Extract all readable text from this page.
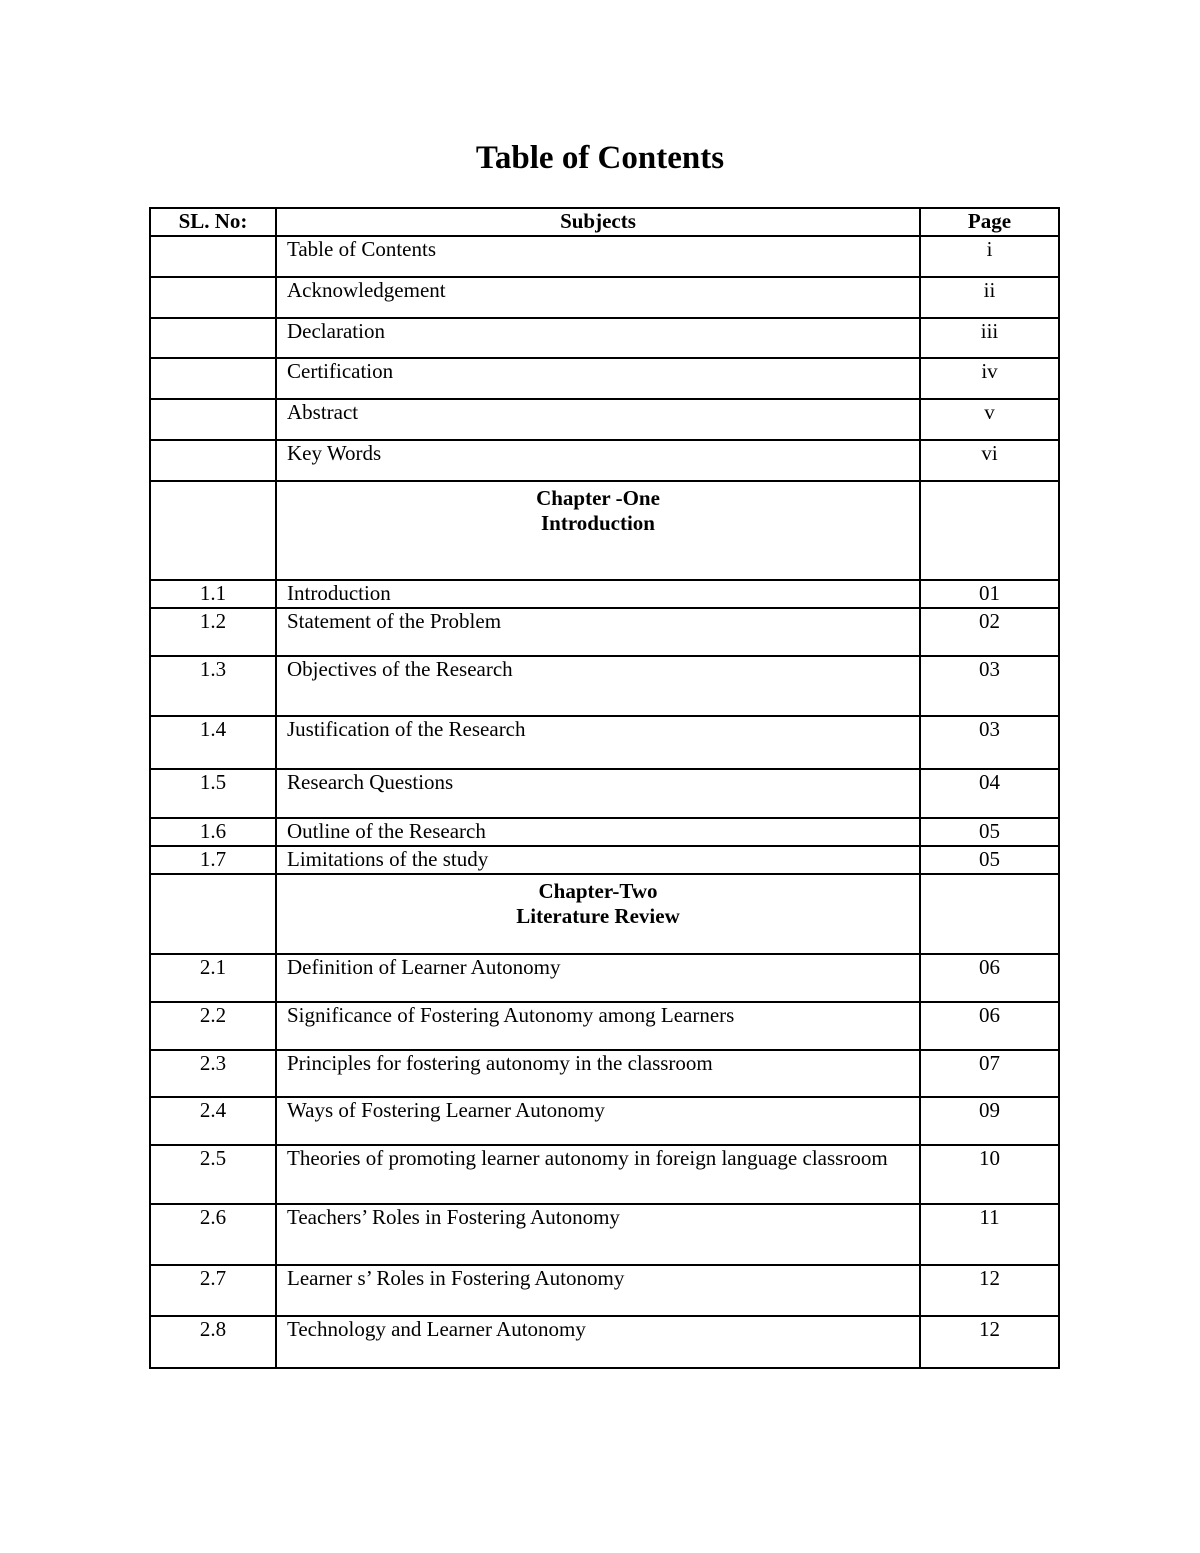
Table of Contents
SL. No:	Subjects	Page
	Table of Contents	i
	Acknowledgement	ii
	Declaration	iii
	Certification	iv
	Abstract	v
	Key Words	vi

	Chapter -One
Introduction	

1.1	Introduction	01
1.2	Statement of the Problem	02
1.3	Objectives of the Research	03
1.4	Justification of the Research	03
1.5	Research Questions	04
1.6	Outline of the Research	05
1.7	Limitations of the study	05

	Chapter-Two
Literature Review	

2.1	Definition of Learner Autonomy	06
2.2	Significance of Fostering Autonomy among Learners	06
2.3	Principles for fostering autonomy in the classroom	07
2.4	Ways of Fostering Learner Autonomy	09
2.5	Theories of promoting learner autonomy in foreign language classroom	10
2.6	Teachers’ Roles in Fostering Autonomy	11
2.7	Learner s’ Roles in Fostering Autonomy	12
2.8	Technology and Learner Autonomy	12
